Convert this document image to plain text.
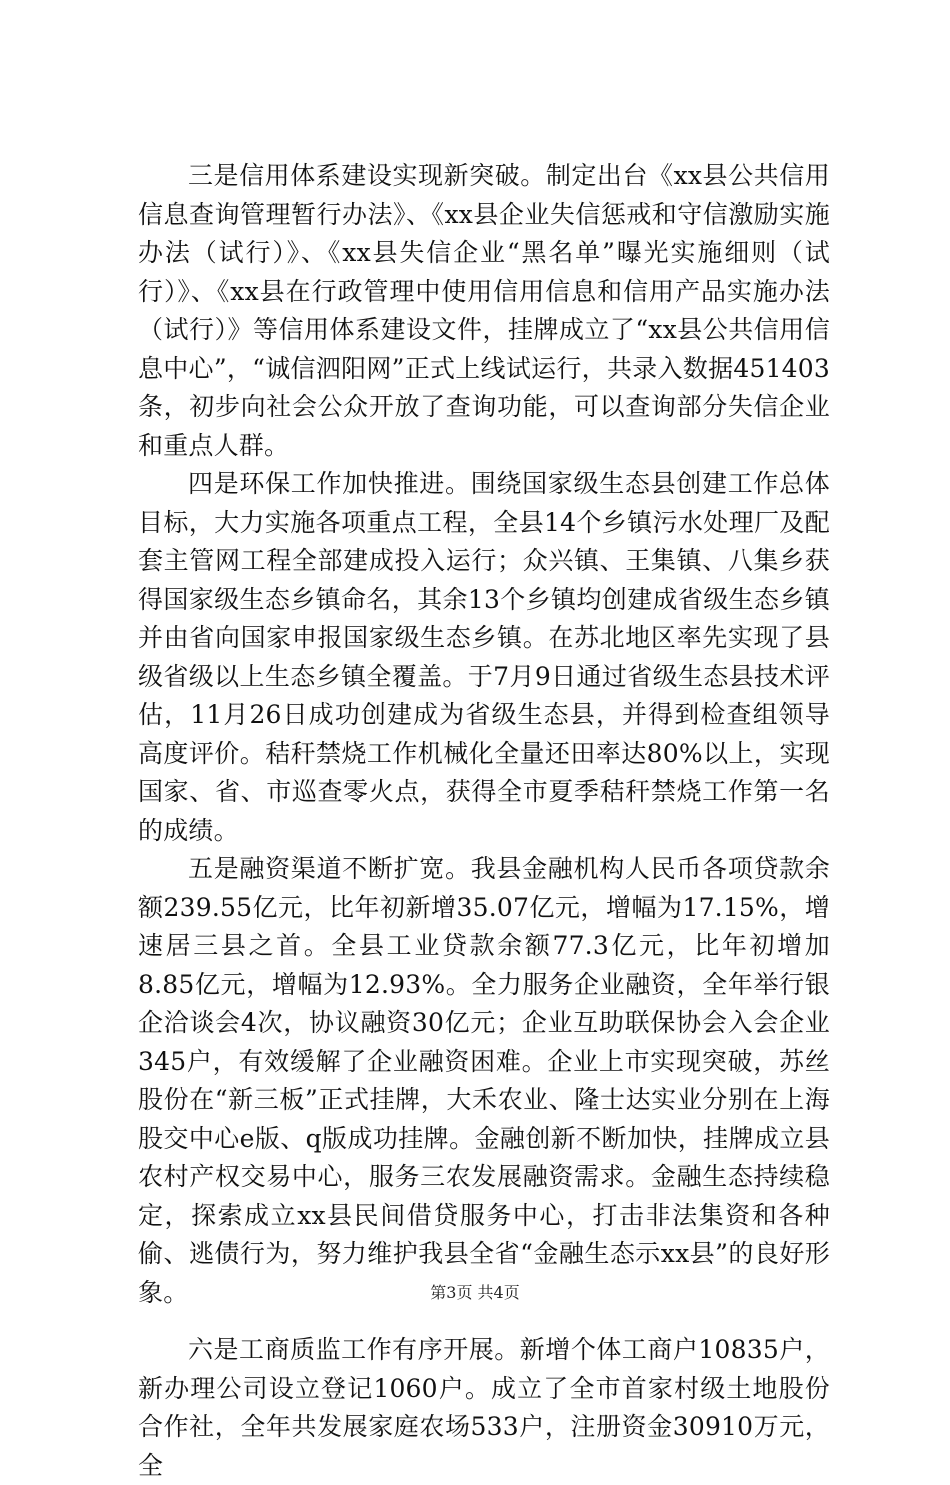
三是信用体系建设实现新突破。制定出台《xx县公共信用信息查询管理暂行办法》、《xx县企业失信惩戒和守信激励实施办法（试行）》、《xx县失信企业“黑名单”曝光实施细则（试行）》、《xx县在行政管理中使用信用信息和信用产品实施办法（试行）》等信用体系建设文件，挂牌成立了“xx县公共信用信息中心”，“诚信泗阳网”正式上线试运行，共录入数据451403条，初步向社会公众开放了查询功能，可以查询部分失信企业和重点人群。

四是环保工作加快推进。围绕国家级生态县创建工作总体目标，大力实施各项重点工程，全县14个乡镇污水处理厂及配套主管网工程全部建成投入运行；众兴镇、王集镇、八集乡获得国家级生态乡镇命名，其余13个乡镇均创建成省级生态乡镇并由省向国家申报国家级生态乡镇。在苏北地区率先实现了县级省级以上生态乡镇全覆盖。于7月9日通过省级生态县技术评估，11月26日成功创建成为省级生态县，并得到检查组领导高度评价。秸秆禁烧工作机械化全量还田率达80%以上，实现国家、省、市巡查零火点，获得全市夏季秸秆禁烧工作第一名的成绩。

五是融资渠道不断扩宽。我县金融机构人民币各项贷款余额239.55亿元，比年初新增35.07亿元，增幅为17.15%，增速居三县之首。全县工业贷款余额77.3亿元，比年初增加8.85亿元，增幅为12.93%。全力服务企业融资，全年举行银企洽谈会4次，协议融资30亿元；企业互助联保协会入会企业345户，有效缓解了企业融资困难。企业上市实现突破，苏丝股份在“新三板”正式挂牌，大禾农业、隆士达实业分别在上海股交中心e版、q版成功挂牌。金融创新不断加快，挂牌成立县农村产权交易中心，服务三农发展融资需求。金融生态持续稳定，探索成立xx县民间借贷服务中心，打击非法集资和各种偷、逃债行为，努力维护我县全省“金融生态示xx县”的良好形象。

六是工商质监工作有序开展。新增个体工商户10835户，新办理公司设立登记1060户。成立了全市首家村级土地股份合作社，全年共发展家庭农场533户，注册资金30910万元，全

第3页 共4页
